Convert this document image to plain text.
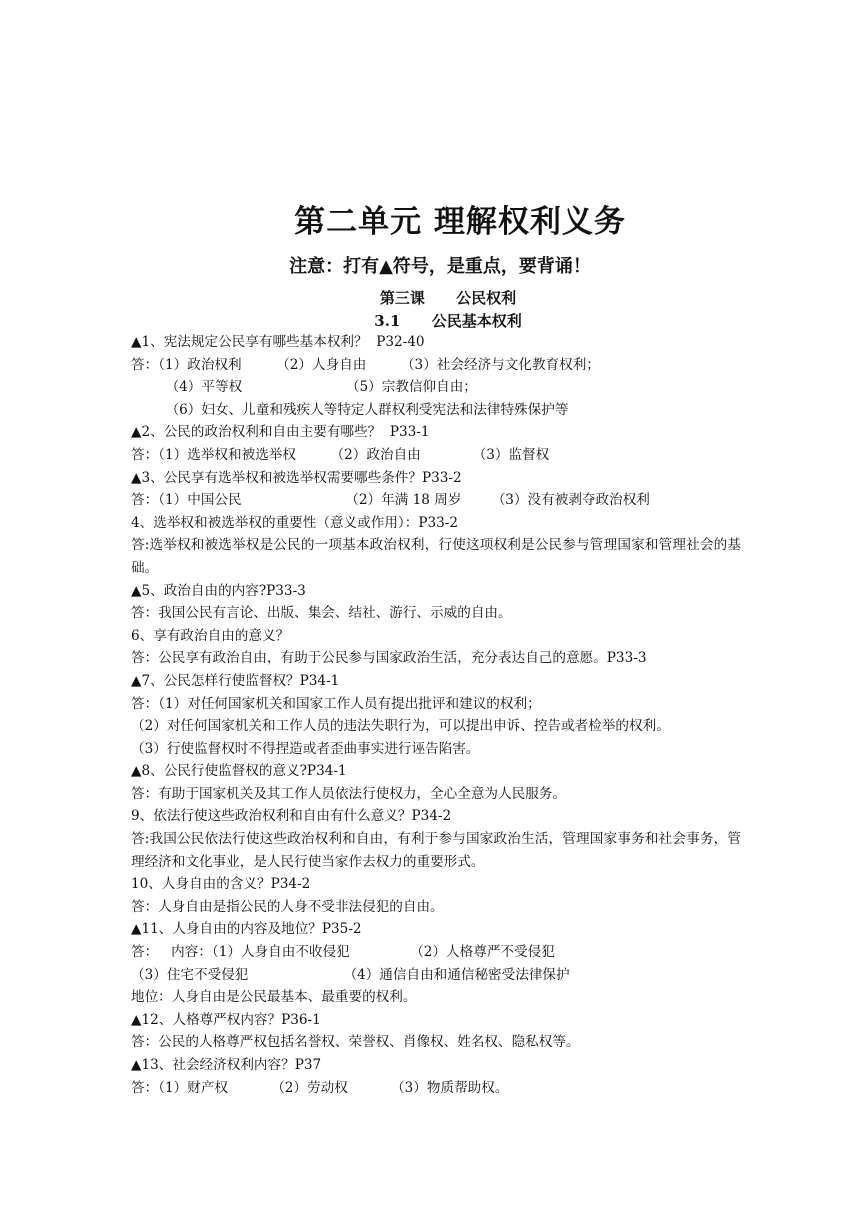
第二单元 理解权利义务
注意：打有▲符号，是重点，要背诵！
第三课      公民权利
3.1      公民基本权利
▲1、宪法规定公民享有哪些基本权利？  P32-40
答：（1）政治权利        （2）人身自由        （3）社会经济与文化教育权利；
（4）平等权                        （5）宗教信仰自由；
（6）妇女、儿童和残疾人等特定人群权利受宪法和法律特殊保护等
▲2、公民的政治权利和自由主要有哪些？  P33-1
答：（1）选举权和被选举权        （2）政治自由            （3）监督权
▲3、公民享有选举权和被选举权需要哪些条件？P33-2
答：（1）中国公民                        （2）年满 18 周岁       （3）没有被剥夺政治权利
4、选举权和被选举权的重要性（意义或作用）：P33-2
答:选举权和被选举权是公民的一项基本政治权利，行使这项权利是公民参与管理国家和管理社会的基础。
▲5、政治自由的内容?P33-3
答：我国公民有言论、出版、集会、结社、游行、示威的自由。
6、享有政治自由的意义？
答：公民享有政治自由，有助于公民参与国家政治生活，充分表达自己的意愿。P33-3
▲7、公民怎样行使监督权？P34-1
答：（1）对任何国家机关和国家工作人员有提出批评和建议的权利；
（2）对任何国家机关和工作人员的违法失职行为，可以提出申诉、控告或者检举的权利。
（3）行使监督权时不得捏造或者歪曲事实进行诬告陷害。
▲8、公民行使监督权的意义?P34-1
答：有助于国家机关及其工作人员依法行使权力，全心全意为人民服务。
9、依法行使这些政治权利和自由有什么意义？P34-2
答:我国公民依法行使这些政治权利和自由，有利于参与国家政治生活，管理国家事务和社会事务，管理经济和文化事业，是人民行使当家作去权力的重要形式。
10、人身自由的含义？P34-2
答：人身自由是指公民的人身不受非法侵犯的自由。
▲11、人身自由的内容及地位？P35-2
答：   内容：（1）人身自由不收侵犯              （2）人格尊严不受侵犯
（3）住宅不受侵犯                      （4）通信自由和通信秘密受法律保护
地位：人身自由是公民最基本、最重要的权利。
▲12、人格尊严权内容？P36-1
答：公民的人格尊严权包括名誉权、荣誉权、肖像权、姓名权、隐私权等。
▲13、社会经济权利内容？P37
答：（1）财产权          （2）劳动权          （3）物质帮助权。
